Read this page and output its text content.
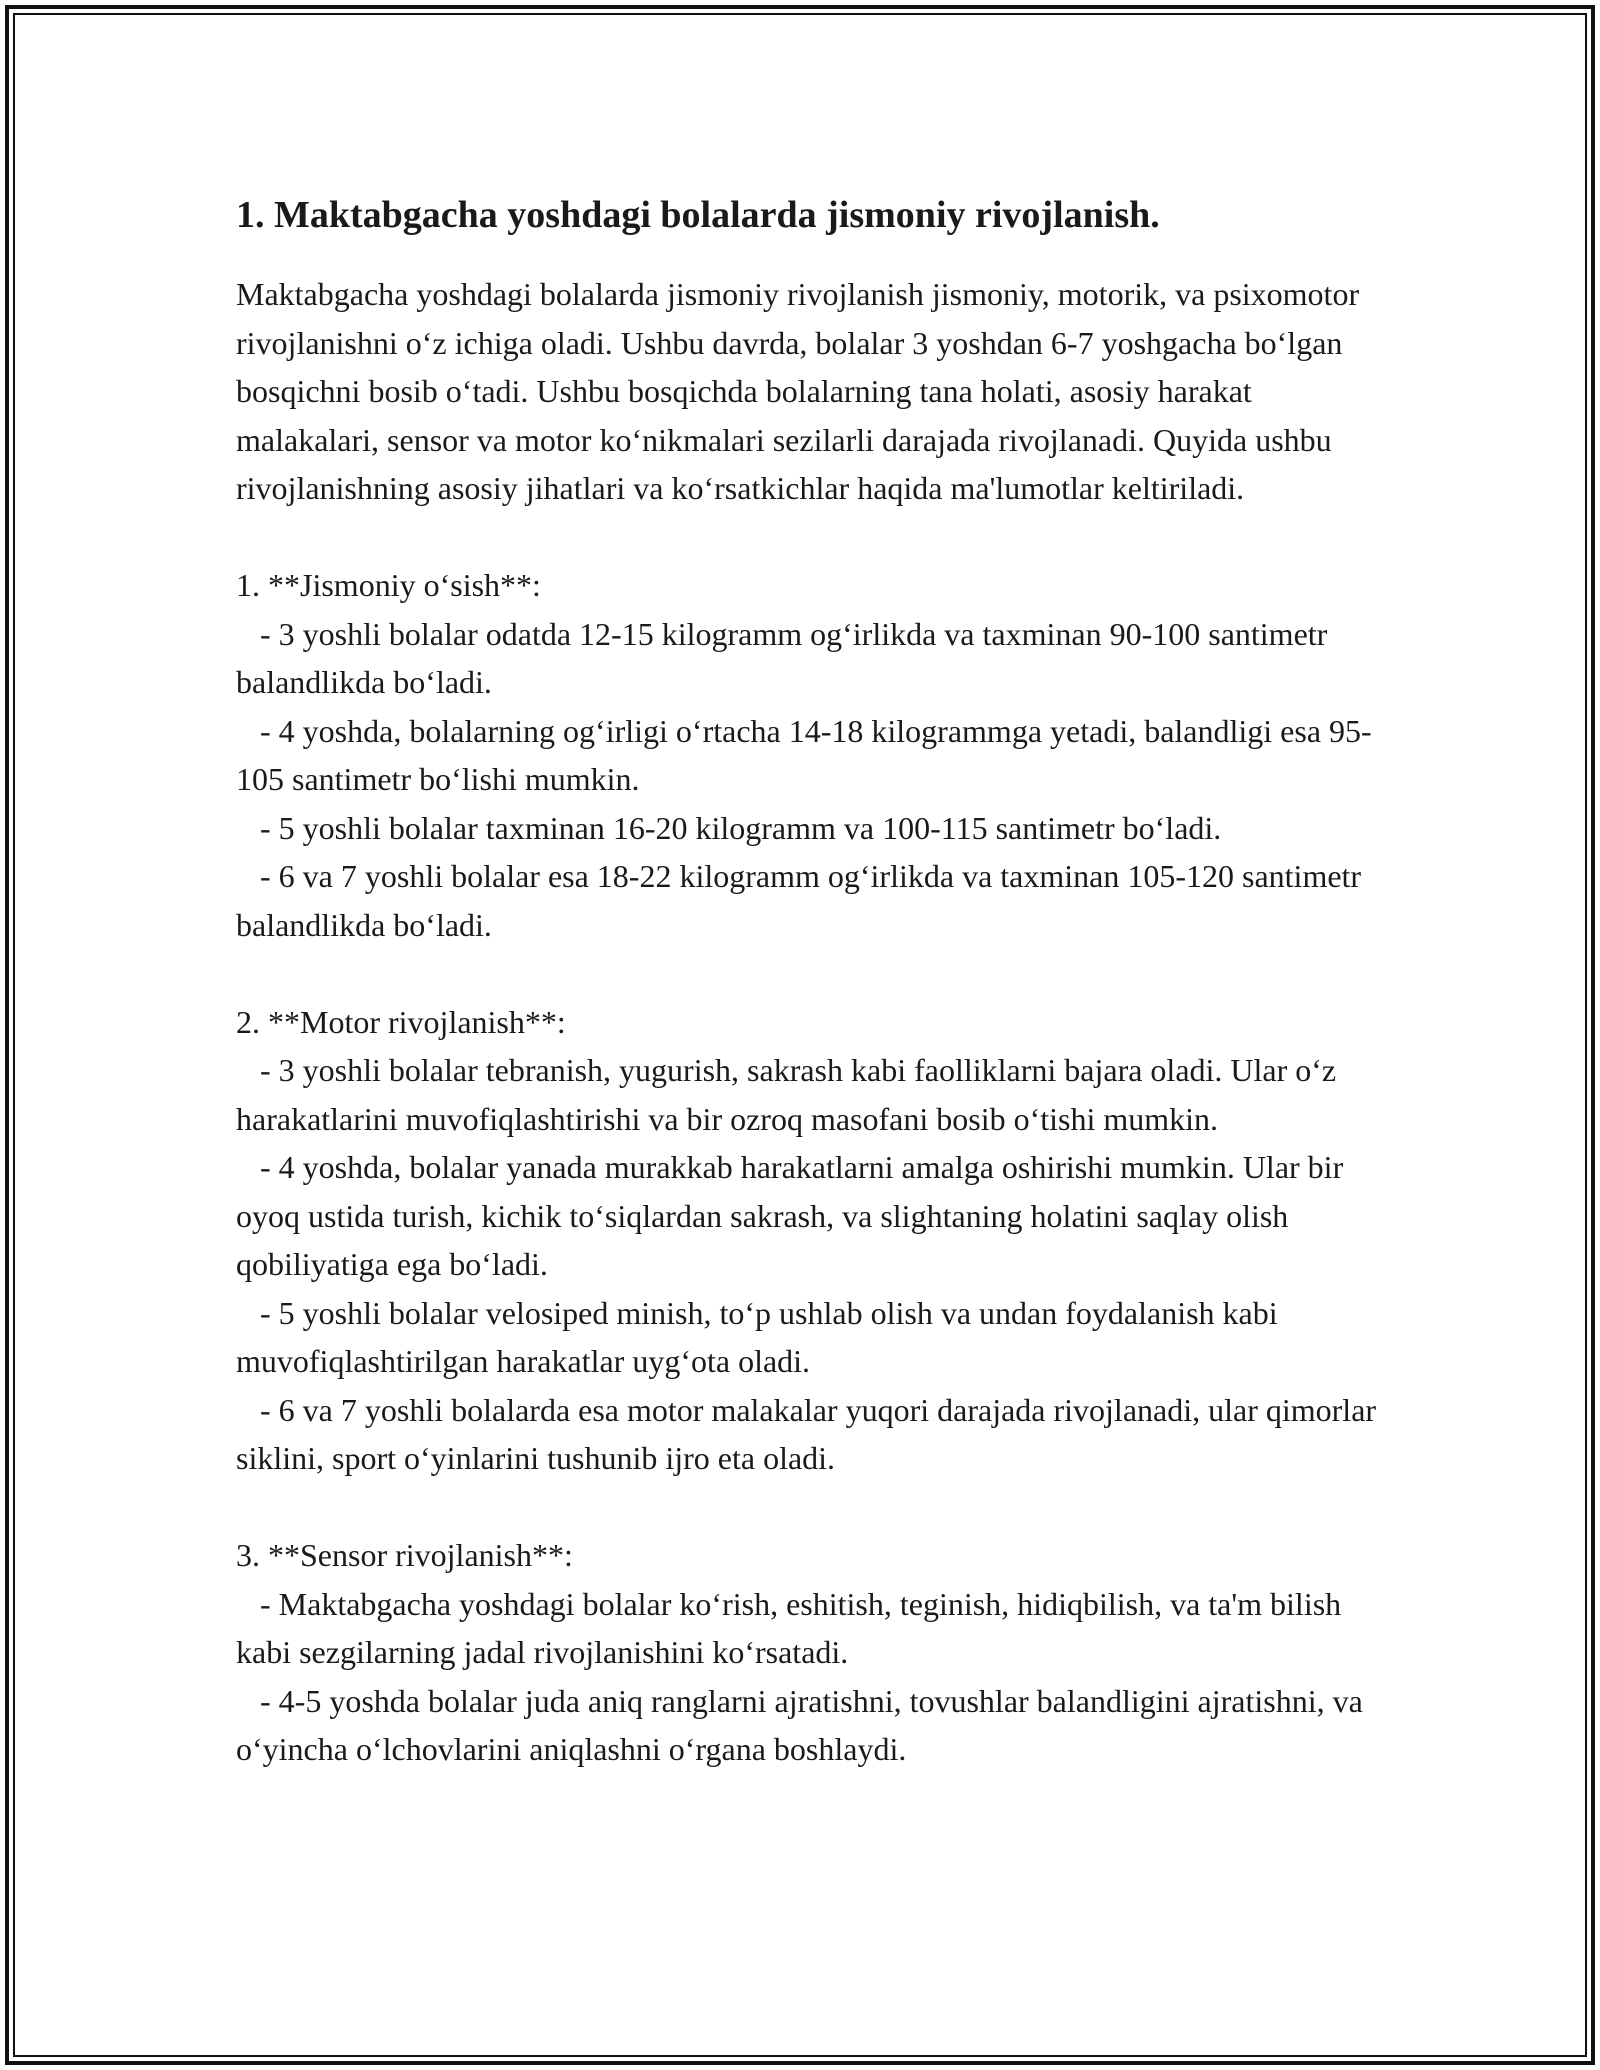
1. Maktabgacha yoshdagi bolalarda jismoniy rivojlanish.

Maktabgacha yoshdagi bolalarda jismoniy rivojlanish jismoniy, motorik, va psixomotor rivojlanishni o‘z ichiga oladi. Ushbu davrda, bolalar 3 yoshdan 6-7 yoshgacha bo‘lgan bosqichni bosib o‘tadi. Ushbu bosqichda bolalarning tana holati, asosiy harakat malakalari, sensor va motor ko‘nikmalari sezilarli darajada rivojlanadi. Quyida ushbu rivojlanishning asosiy jihatlari va ko‘rsatkichlar haqida ma'lumotlar keltiriladi.

1. **Jismoniy o‘sish**:

- 3 yoshli bolalar odatda 12-15 kilogramm og‘irlikda va taxminan 90-100 santimetr balandlikda bo‘ladi.

- 4 yoshda, bolalarning og‘irligi o‘rtacha 14-18 kilogrammga yetadi, balandligi esa 95-105 santimetr bo‘lishi mumkin.

- 5 yoshli bolalar taxminan 16-20 kilogramm va 100-115 santimetr bo‘ladi.

- 6 va 7 yoshli bolalar esa 18-22 kilogramm og‘irlikda va taxminan 105-120 santimetr balandlikda bo‘ladi.

2. **Motor rivojlanish**:

- 3 yoshli bolalar tebranish, yugurish, sakrash kabi faolliklarni bajara oladi. Ular o‘z harakatlarini muvofiqlashtirishi va bir ozroq masofani bosib o‘tishi mumkin.

- 4 yoshda, bolalar yanada murakkab harakatlarni amalga oshirishi mumkin. Ular bir oyoq ustida turish, kichik to‘siqlardan sakrash, va slightaning holatini saqlay olish qobiliyatiga ega bo‘ladi.

- 5 yoshli bolalar velosiped minish, to‘p ushlab olish va undan foydalanish kabi muvofiqlashtirilgan harakatlar uyg‘ota oladi.

- 6 va 7 yoshli bolalarda esa motor malakalar yuqori darajada rivojlanadi, ular qimorlar siklini, sport o‘yinlarini tushunib ijro eta oladi.

3. **Sensor rivojlanish**:

- Maktabgacha yoshdagi bolalar ko‘rish, eshitish, teginish, hidiqbilish, va ta'm bilish kabi sezgilarning jadal rivojlanishini ko‘rsatadi.

- 4-5 yoshda bolalar juda aniq ranglarni ajratishni, tovushlar balandligini ajratishni, va o‘yincha o‘lchovlarini aniqlashni o‘rgana boshlaydi.
